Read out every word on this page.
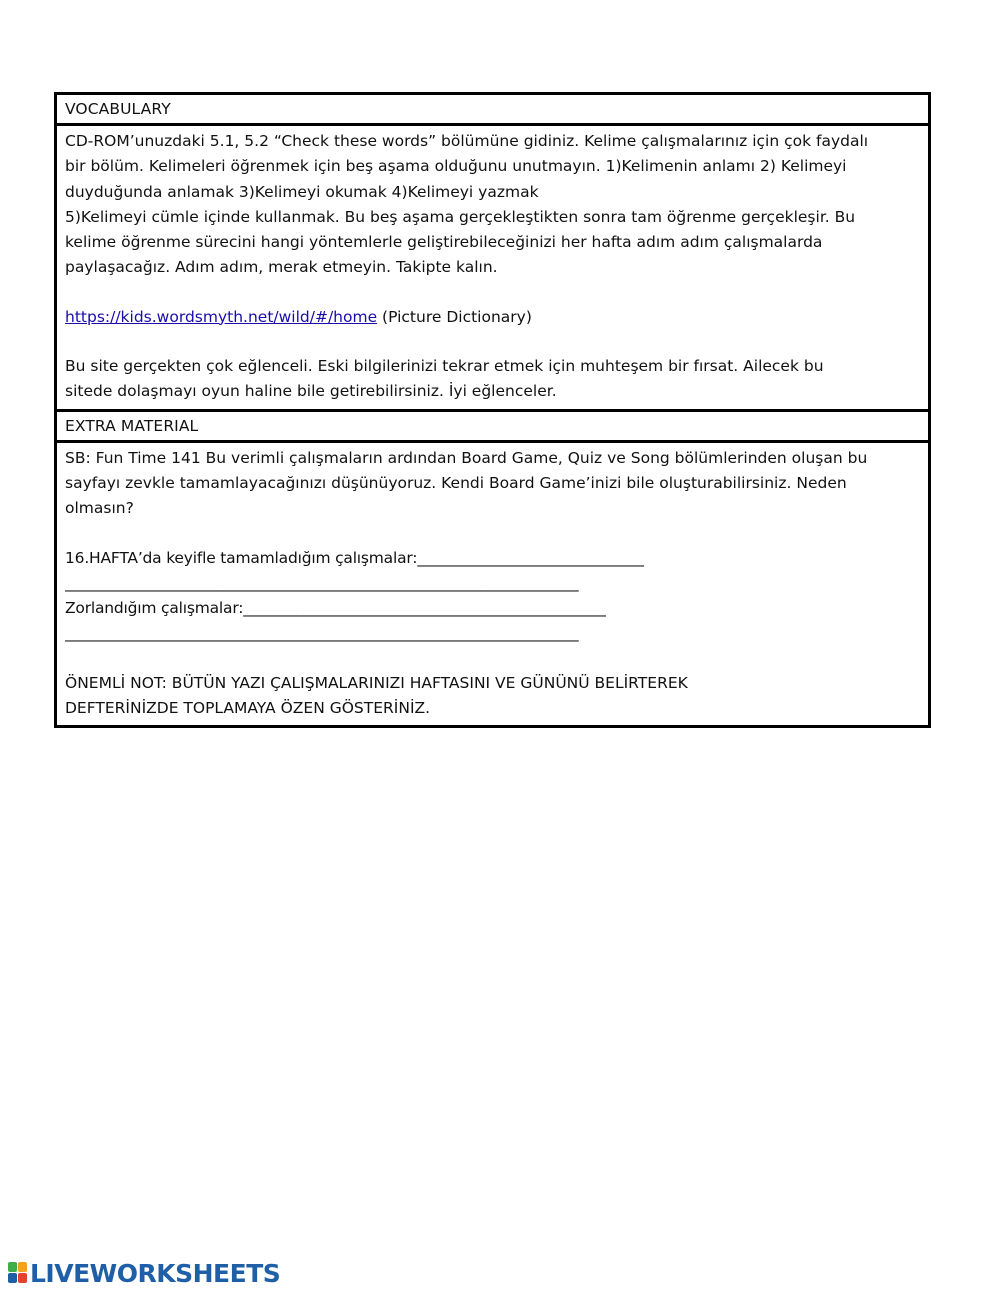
VOCABULARY

CD-ROM’unuzdaki 5.1, 5.2 “Check these words” bölümüne gidiniz. Kelime çalışmalarınız için çok faydalı

bir bölüm. Kelimeleri öğrenmek için beş aşama olduğunu unutmayın. 1)Kelimenin anlamı 2) Kelimeyi

duyduğunda anlamak 3)Kelimeyi okumak 4)Kelimeyi yazmak

5)Kelimeyi cümle içinde kullanmak. Bu beş aşama gerçekleştikten sonra tam öğrenme gerçekleşir. Bu

kelime öğrenme sürecini hangi yöntemlerle geliştirebileceğinizi her hafta adım adım çalışmalarda

paylaşacağız. Adım adım, merak etmeyin. Takipte kalın.

https://kids.wordsmyth.net/wild/#/home (Picture Dictionary)

Bu site gerçekten çok eğlenceli. Eski bilgilerinizi tekrar etmek için muhteşem bir fırsat. Ailecek bu

sitede dolaşmayı oyun haline bile getirebilirsiniz. İyi eğlenceler.

EXTRA MATERIAL

SB: Fun Time 141 Bu verimli çalışmaların ardından Board Game, Quiz ve Song bölümlerinden oluşan bu

sayfayı zevkle tamamlayacağınızı düşünüyoruz. Kendi Board Game’inizi bile oluşturabilirsiniz. Neden

olmasın?

16.HAFTA’da keyifle tamamladığım çalışmalar:______________________________

____________________________________________________________________

Zorlandığım çalışmalar:________________________________________________

____________________________________________________________________

ÖNEMLİ NOT: BÜTÜN YAZI ÇALIŞMALARINIZI HAFTASINI VE GÜNÜNÜ BELİRTEREK

DEFTERİNİZDE TOPLAMAYA ÖZEN GÖSTERİNİZ.

LIVEWORKSHEETS
